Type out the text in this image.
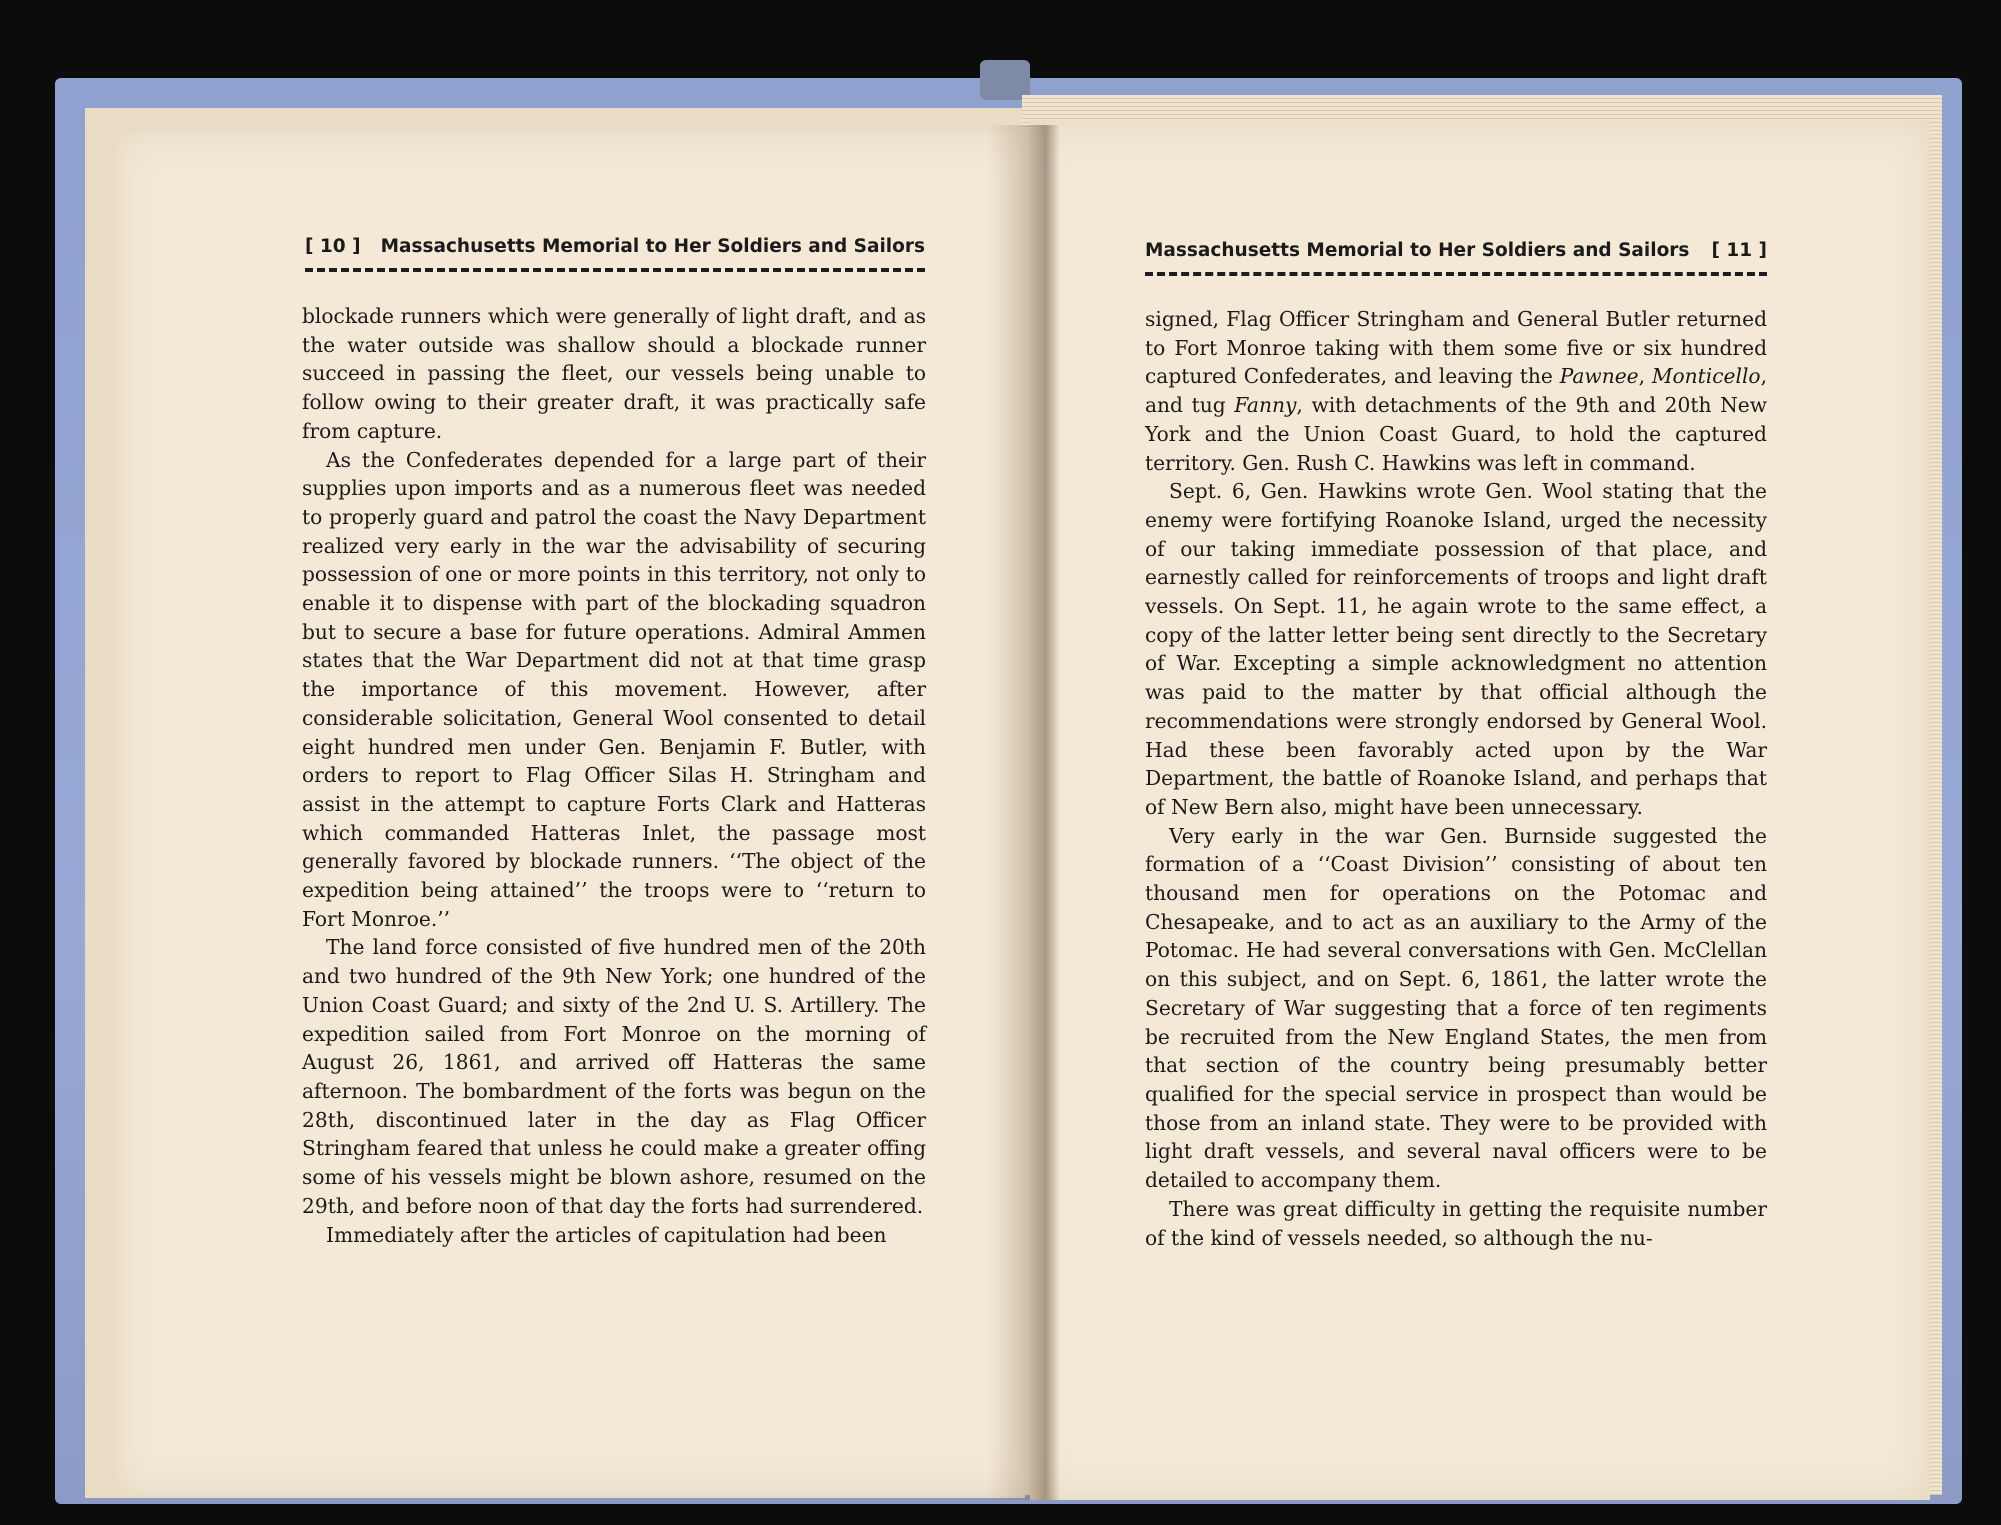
[ 10 ] Massachusetts Memorial to Her Soldiers and Sailors	Massachusetts Memorial to Her Soldiers and Sailors [ 11 ]

blockade runners which were generally of light draft, and as the water outside was shallow should a blockade runner succeed in passing the fleet, our vessels being unable to follow owing to their greater draft, it was practically safe from capture.

As the Confederates depended for a large part of their supplies upon imports and as a numerous fleet was needed to properly guard and patrol the coast the Navy Department realized very early in the war the advisability of securing possession of one or more points in this territory, not only to enable it to dispense with part of the blockading squadron but to secure a base for future operations. Admiral Ammen states that the War Department did not at that time grasp the importance of this movement. However, after considerable solicitation, General Wool consented to detail eight hundred men under Gen. Benjamin F. Butler, with orders to report to Flag Officer Silas H. Stringham and assist in the attempt to capture Forts Clark and Hatteras which commanded Hatteras Inlet, the passage most generally favored by blockade runners. ‘‘The object of the expedition being attained’’ the troops were to ‘‘return to Fort Monroe.’’

The land force consisted of five hundred men of the 20th and two hundred of the 9th New York; one hundred of the Union Coast Guard; and sixty of the 2nd U. S. Artillery. The expedition sailed from Fort Monroe on the morning of August 26, 1861, and arrived off Hatteras the same afternoon. The bombardment of the forts was begun on the 28th, discontinued later in the day as Flag Officer Stringham feared that unless he could make a greater offing some of his vessels might be blown ashore, resumed on the 29th, and before noon of that day the forts had surrendered.

Immediately after the articles of capitulation had been

signed, Flag Officer Stringham and General Butler returned to Fort Monroe taking with them some five or six hundred captured Confederates, and leaving the Pawnee, Monticello, and tug Fanny, with detachments of the 9th and 20th New York and the Union Coast Guard, to hold the captured territory. Gen. Rush C. Hawkins was left in command.

Sept. 6, Gen. Hawkins wrote Gen. Wool stating that the enemy were fortifying Roanoke Island, urged the necessity of our taking immediate possession of that place, and earnestly called for reinforcements of troops and light draft vessels. On Sept. 11, he again wrote to the same effect, a copy of the latter letter being sent directly to the Secretary of War. Excepting a simple acknowledgment no attention was paid to the matter by that official although the recommendations were strongly endorsed by General Wool. Had these been favorably acted upon by the War Department, the battle of Roanoke Island, and perhaps that of New Bern also, might have been unnecessary.

Very early in the war Gen. Burnside suggested the formation of a ‘‘Coast Division’’ consisting of about ten thousand men for operations on the Potomac and Chesapeake, and to act as an auxiliary to the Army of the Potomac. He had several conversations with Gen. McClellan on this subject, and on Sept. 6, 1861, the latter wrote the Secretary of War suggesting that a force of ten regiments be recruited from the New England States, the men from that section of the country being presumably better qualified for the special service in prospect than would be those from an inland state. They were to be provided with light draft vessels, and several naval officers were to be detailed to accompany them.

There was great difficulty in getting the requisite number of the kind of vessels needed, so although the nu-
